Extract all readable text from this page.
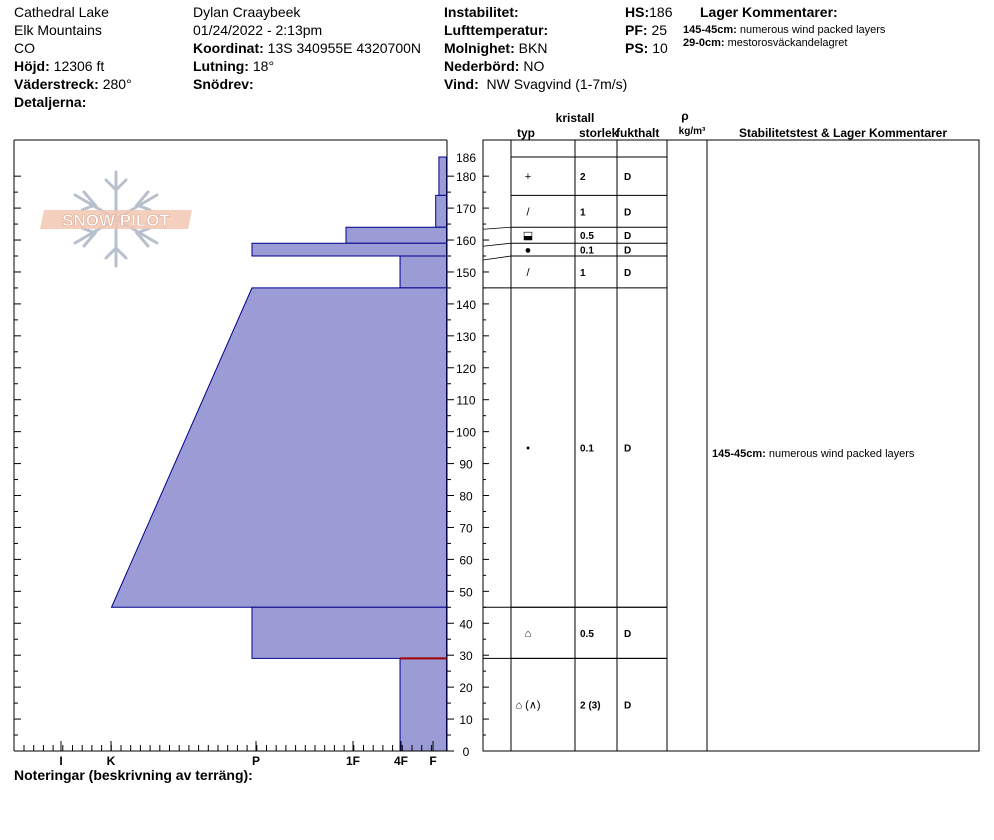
Cathedral Lake
Elk Mountains
CO
Höjd: 12306 ft
Väderstreck: 280°
Detaljerna:
Dylan Craaybeek
01/24/2022 - 2:13pm
Koordinat: 13S 340955E 4320700N
Lutning: 18°
Snödrev:
Instabilitet:
Lufttemperatur:
Molnighet: BKN
Nederbörd: NO
Vind: NW Svagvind (1-7m/s)
HS:186
PF: 25
PS: 10
Lager Kommentarer:
145-45cm: numerous wind packed layers
29-0cm: mestorosväckandelagret
SNOW PILOT
I	K	P	1F	4F F
0
10
20
30
40
50
60
70
80
90
100
110
120
130
140
150
160
170
180
186
+	2	D
/	1	D
⬓	0.5	D
●	0.1	D
/	1	D
•	0.1	D
⌂	0.5	D
⌂ (∧)	2 (3) D
kristall
typ	storlek
fukthalt
ρ
kg/m³	Stabilitetstest & Lager Kommentarer
145-45cm: numerous wind packed layers
Noteringar (beskrivning av terräng):
